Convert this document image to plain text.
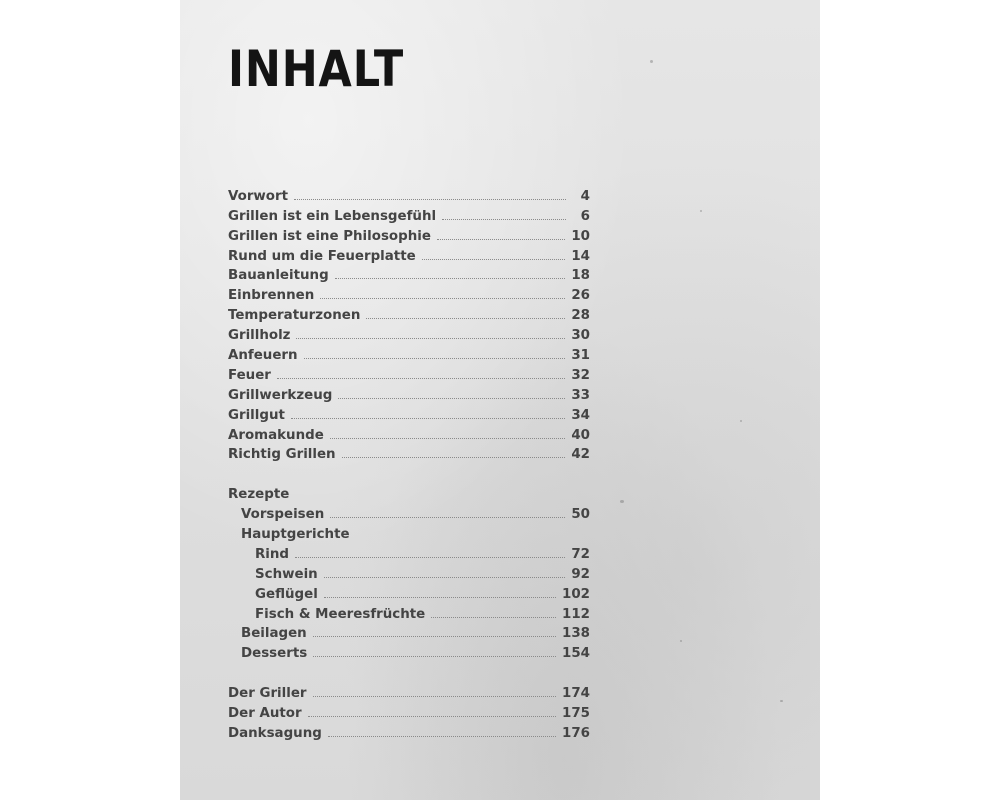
INHALT
Vorwort	4
Grillen ist ein Lebensgefühl	6
Grillen ist eine Philosophie	10
Rund um die Feuerplatte	14
Bauanleitung	18
Einbrennen	26
Temperaturzonen	28
Grillholz	30
Anfeuern	31
Feuer	32
Grillwerkzeug	33
Grillgut	34
Aromakunde	40
Richtig Grillen	42
Rezepte
Vorspeisen	50
Hauptgerichte
Rind	72
Schwein	92
Geflügel	102
Fisch & Meeresfrüchte	112
Beilagen	138
Desserts	154
Der Griller	174
Der Autor	175
Danksagung	176
